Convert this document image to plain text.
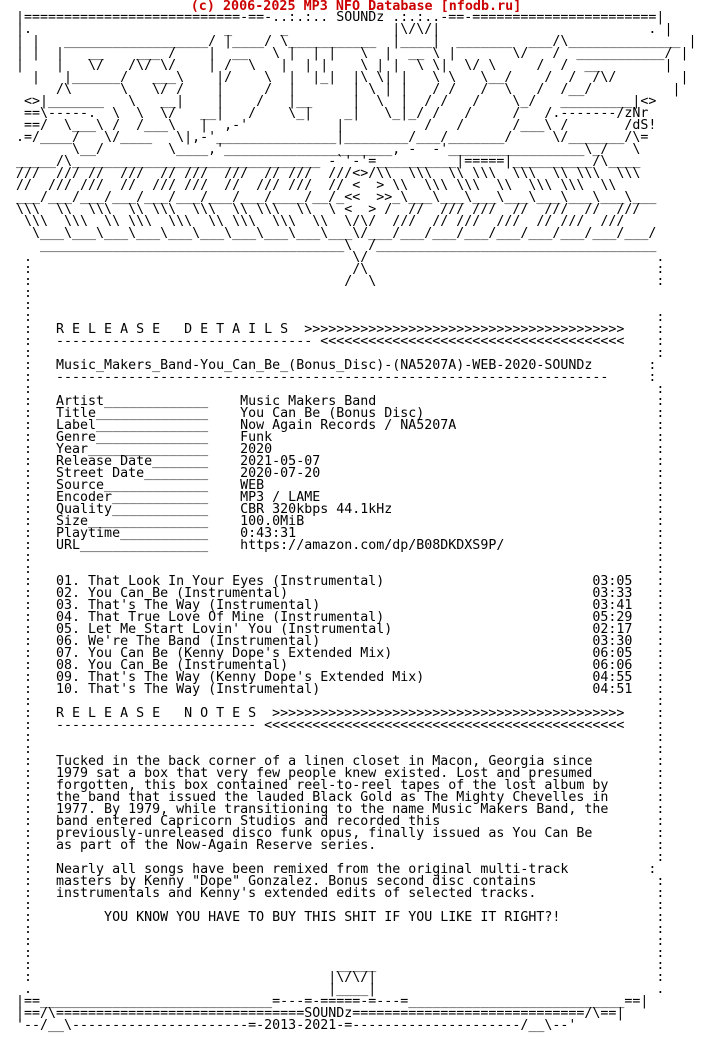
(c) 2006-2025 MP3 NFO Database [nfodb.ru]
|===========================-==-..:.:.. SOUNDz .:.:..-==-=======================|
|.                        _      _             |\/\/|                          . |
| |   __________________/ |____/ \___________  |____|  _______  ___/\______________ |
| |  |   __    ___ /    |  __   \ |  | |   \  |  __ \ |       \/   /  ___________/ |
|    |   \/   /\/ \/    | /  \   |  | |    \ | |  \ \|  \/ \     /  /  __        |
|   |______/   ___\    |/    \  |  |_|  |\ \| |   \ \   \__/    /  /  /\/        |
/\      \   \/ /    |     /  |       | \ | |   / /   /  \   /  /__/          |
<>|_______   \   __|    |    /   |__     |  \  |  / /   /    \_/   _________|<>
==\-----.  \  \  \/   __|   /    \_|    _|   \_|_/ /   /     /   /.-------/zNr
==/  \___\ /  /___\   |  ,-'           |          /   /      /___\ /       /dS!
.=/____/   \/____   \|,-'_______________|________/___/_______/     \/_______/\=
\__/        \____,'_____________________, -  -'_________________\_/   \
_____/\_______________________________ -`'-'=__________|=====|__________/\____
///  /// //  ///  // ///  ///  // ///  ///<>/\\  \\\  \\ \\\  \\\  \\ \\\  \\\
//  /// ///  //  /// ///  //  /// ///  // <  > \\  \\\ \\\  \\  \\\ \\\  \\
___/___/___/___/___/___/___/___/____/__/_<<  >>_\___\___\___\___\___\___\___\___
\\\  \\  \\\  \\ \\\  \\\  \\ \\\  \\  \ <  > /  //  /// ///  //  ///  //  ///
\\\  \\\  \\ \\\  \\\  \\ \\\  \\\  \\  \/\/  ///  // ///  ///  // ///  ///
\___\___\___\___\___\___\___\___\___\___\/___/___/___/___/___/___/___/___/___/
______________________________________\  /___________________________________
.                                        \/                                    .
:                                        /\                                    :
:                                       /  \                                   :
:
:
:                                                                              :
:   R E L E A S E   D E T A I L S  >>>>>>>>>>>>>>>>>>>>>>>>>>>>>>>>>>>>>>>>    :
:   -------------------------------- <<<<<<<<<<<<<<<<<<<<<<<<<<<<<<<<<<<<<<    :
:                                                                              :
:   Music_Makers_Band-You_Can_Be_(Bonus_Disc)-(NA5207A)-WEB-2020-SOUNDz       :
:   ---------------------------------------------------------------------     :
:                                                                              :
:   Artist_____________    Music Makers Band                                   :
:   Title______________    You Can Be (Bonus Disc)                             :
:   Label______________    Now Again Records / NA5207A                         :
:   Genre______________    Funk                                                :
:   Year_______________    2020                                                :
:   Release Date_______    2021-05-07                                          :
:   Street Date________    2020-07-20                                          :
:   Source_____________    WEB                                                 :
:   Encoder____________    MP3 / LAME                                          :
:   Quality____________    CBR 320kbps 44.1kHz                                 :
:   Size_______________    100.0MiB                                            :
:   Playtime___________    0:43:31                                             :
:   URL________________    https://amazon.com/dp/B08DKDXS9P/                   :
:                                                                              :
:                                                                              :
:   01. That Look In Your Eyes (Instrumental)                          03:05   :
:   02. You Can Be (Instrumental)                                      03:33   :
:   03. That's The Way (Instrumental)                                  03:41   :
:   04. That True Love Of Mine (Instrumental)                          05:29   :
:   05. Let Me Start Lovin' You (Instrumental)                         02:17   :
:   06. We're The Band (Instrumental)                                  03:30   :
:   07. You Can Be (Kenny Dope's Extended Mix)                         06:05   :
:   08. You Can Be (Instrumental)                                      06:06   :
:   09. That's The Way (Kenny Dope's Extended Mix)                     04:55   :
:   10. That's The Way (Instrumental)                                  04:51   :
:                                                                              :
:   R E L E A S E   N O T E S  >>>>>>>>>>>>>>>>>>>>>>>>>>>>>>>>>>>>>>>>>>>>    :
:   ------------------------- <<<<<<<<<<<<<<<<<<<<<<<<<<<<<<<<<<<<<<<<<<<<<    :
:                                                                              :
:                                                                              :
:   Tucked in the back corner of a linen closet in Macon, Georgia since        :
:   1979 sat a box that very few people knew existed. Lost and presumed        :
:   forgotten, this box contained reel-to-reel tapes of the lost album by      :
:   the band that issued the lauded Black Gold as The Mighty Chevelles in      :
:   1977. By 1979, while transitioning to the name Music Makers Band, the      :
:   band entered Capricorn Studios and recorded this                           :
:   previously-unreleased disco funk opus, finally issued as You Can Be        :
:   as part of the Now-Again Reserve series.                                   :
:                                                                              :
:   Nearly all songs have been remixed from the original multi-track          :
:   masters by Kenny "Dope" Gonzalez. Bonus second disc contains               :
:   instrumentals and Kenny's extended edits of selected tracks.               :
:                                                                              :
:         YOU KNOW YOU HAVE TO BUY THIS SHIT IF YOU LIKE IT RIGHT?!            :
:                                                                              :
:                                                                              :
:                                                                              :
:                                      _____                                   :
:                                     |\/\/|                                   :
.                                     |____|                                   .
|==_____________________________=---=-=====-=---=___________________________==|
|==/\===============================SOUNDz=============================/\==|
'--/__\----------------------=-2013-2021-=---------------------/__\--'
